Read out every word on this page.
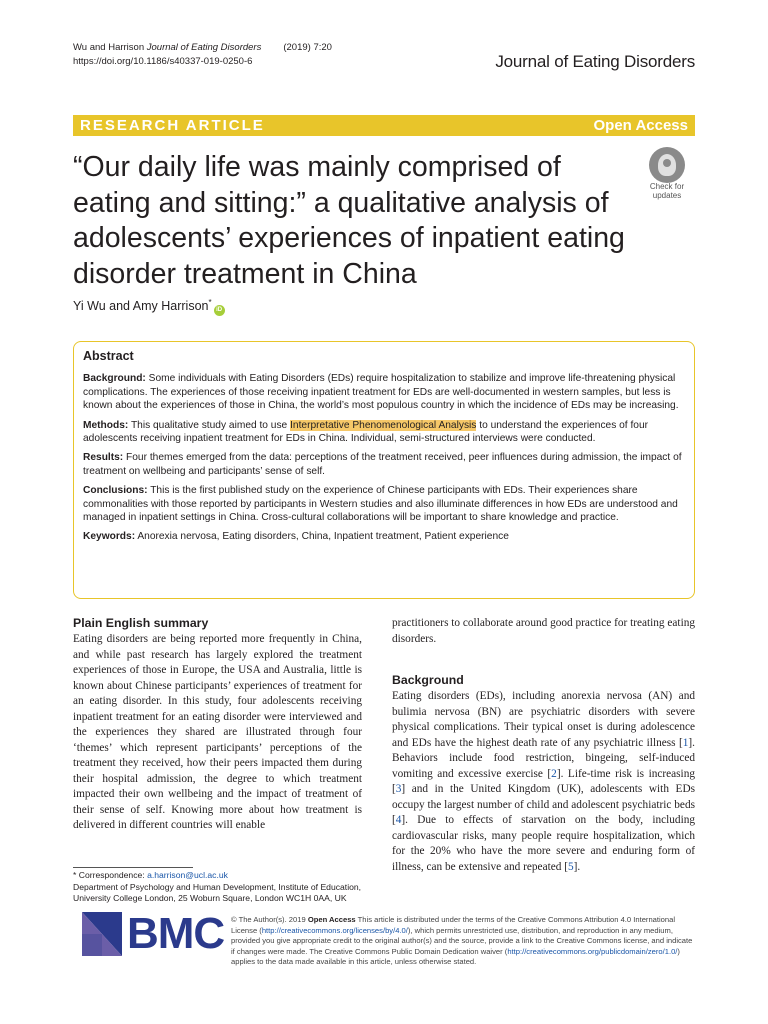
Wu and Harrison Journal of Eating Disorders (2019) 7:20
https://doi.org/10.1186/s40337-019-0250-6	Journal of Eating Disorders
RESEARCH ARTICLE	Open Access
“Our daily life was mainly comprised of eating and sitting:” a qualitative analysis of adolescents’ experiences of inpatient eating disorder treatment in China
Check for
updates
Yi Wu and Amy Harrison*iD
Abstract

Background: Some individuals with Eating Disorders (EDs) require hospitalization to stabilize and improve life-threatening physical complications. The experiences of those receiving inpatient treatment for EDs are well-documented in western samples, but less is known about the experiences of those in China, the world’s most populous country in which the incidence of EDs may be increasing.

Methods: This qualitative study aimed to use Interpretative Phenomenological Analysis to understand the experiences of four adolescents receiving inpatient treatment for EDs in China. Individual, semi-structured interviews were conducted.

Results: Four themes emerged from the data: perceptions of the treatment received, peer influences during admission, the impact of treatment on wellbeing and participants’ sense of self.

Conclusions: This is the first published study on the experience of Chinese participants with EDs. Their experiences share commonalities with those reported by participants in Western studies and also illuminate differences in how EDs are understood and managed in inpatient settings in China. Cross-cultural collaborations will be important to share knowledge and practice.

Keywords: Anorexia nervosa, Eating disorders, China, Inpatient treatment, Patient experience

Plain English summary

Eating disorders are being reported more frequently in China, and while past research has largely explored the treatment experiences of those in Europe, the USA and Australia, little is known about Chinese participants’ experiences of treatment for an eating disorder. In this study, four adolescents receiving inpatient treatment for an eating disorder were interviewed and the experiences they shared are illustrated through four ‘themes’ which represent participants’ perceptions of the treatment they received, how their peers impacted them during their hospital admission, the degree to which treatment impacted their own wellbeing and the impact of treatment of their sense of self. Knowing more about how treatment is delivered in different countries will enable

practitioners to collaborate around good practice for treating eating disorders.

Background

Eating disorders (EDs), including anorexia nervosa (AN) and bulimia nervosa (BN) are psychiatric disorders with severe physical complications. Their typical onset is during adolescence and EDs have the highest death rate of any psychiatric illness [1]. Behaviors include food restriction, bingeing, self-induced vomiting and excessive exercise [2]. Life-time risk is increasing [3] and in the United Kingdom (UK), adolescents with EDs occupy the largest number of child and adolescent psychiatric beds [4]. Due to effects of starvation on the body, including cardiovascular risks, many people require hospitalization, which for the 20% who have the more severe and enduring form of illness, can be extensive and repeated [5].

* Correspondence: a.harrison@ucl.ac.uk
Department of Psychology and Human Development, Institute of Education, University College London, 25 Woburn Square, London WC1H 0AA, UK
BMC © The Author(s). 2019 Open Access This article is distributed under the terms of the Creative Commons Attribution 4.0 International License (http://creativecommons.org/licenses/by/4.0/), which permits unrestricted use, distribution, and reproduction in any medium, provided you give appropriate credit to the original author(s) and the source, provide a link to the Creative Commons license, and indicate if changes were made. The Creative Commons Public Domain Dedication waiver (http://creativecommons.org/publicdomain/zero/1.0/) applies to the data made available in this article, unless otherwise stated.
